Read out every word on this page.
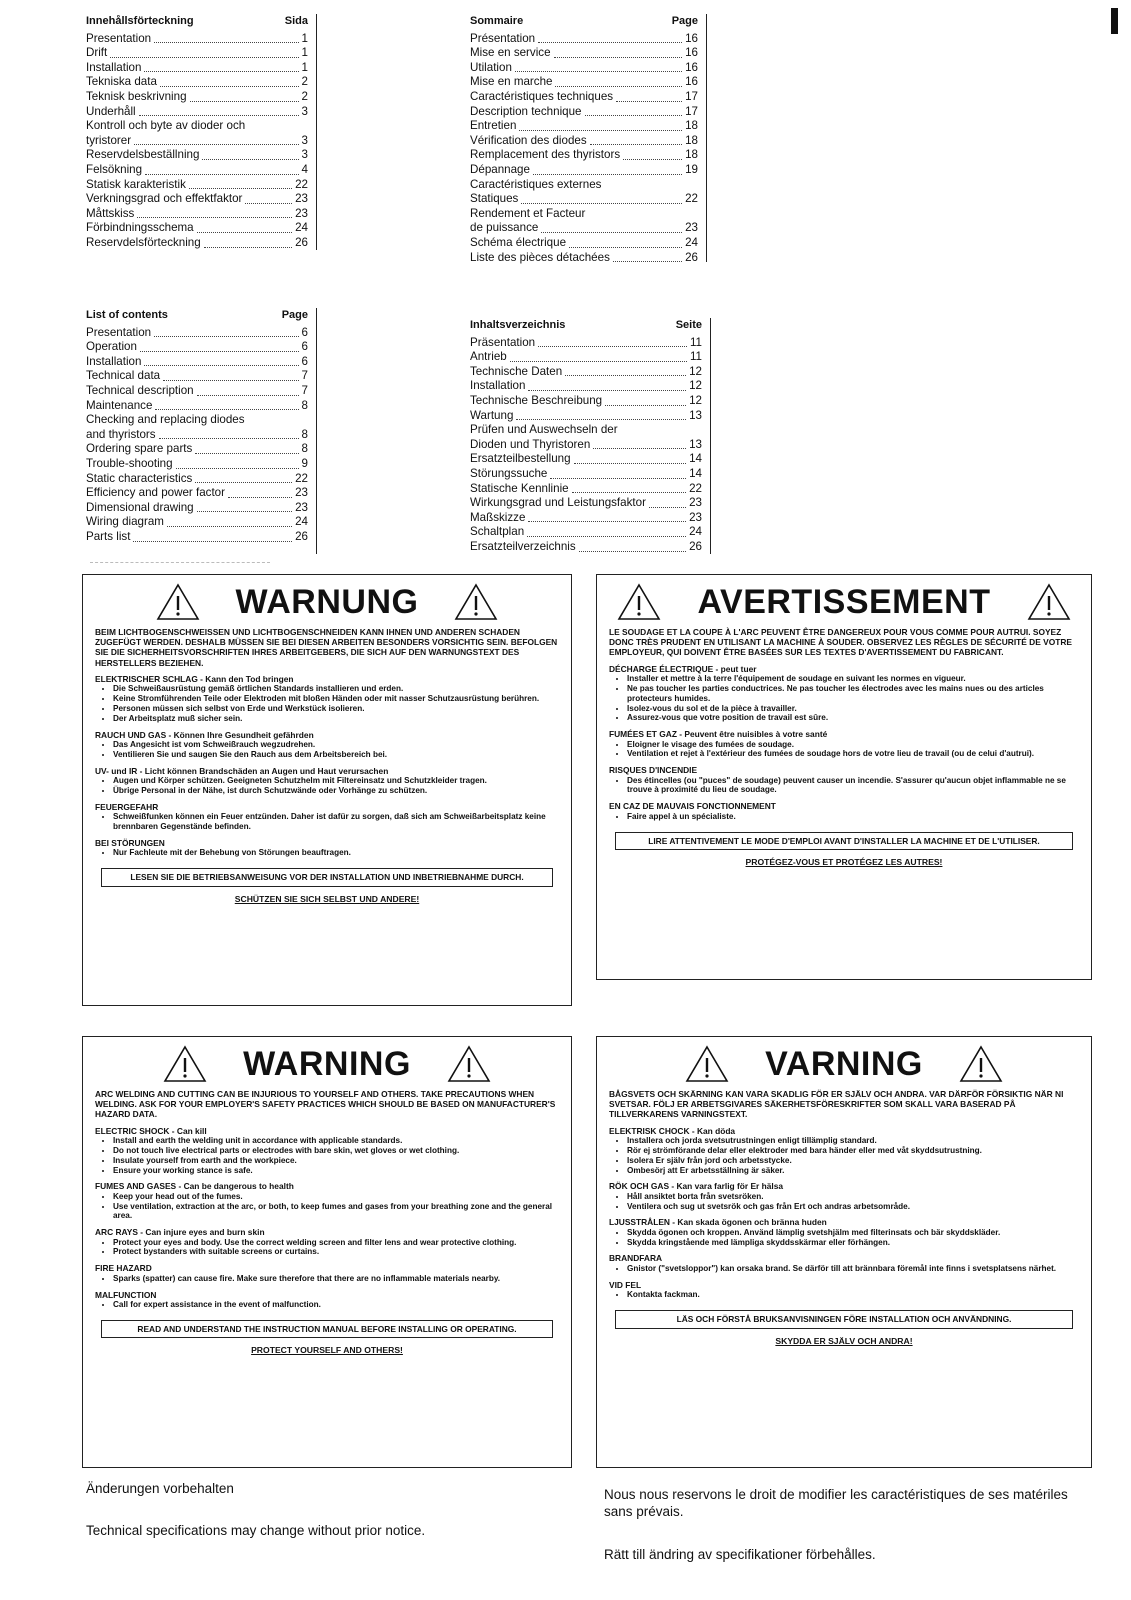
Innehållsförteckning	Sida
Presentation	1
Drift	1
Installation	1
Tekniska data	2
Teknisk beskrivning	2
Underhåll	3
Kontroll och byte av dioder och
tyristorer	3
Reservdelsbeställning	3
Felsökning	4
Statisk karakteristik	22
Verkningsgrad och effektfaktor	23
Måttskiss	23
Förbindningsschema	24
Reservdelsförteckning	26
Sommaire	Page
Présentation	16
Mise en service	16
Utilation	16
Mise en marche	16
Caractéristiques techniques	17
Description technique	17
Entretien	18
Vérification des diodes	18
Remplacement des thyristors	18
Dépannage	19
Caractéristiques externes
Statiques	22
Rendement et Facteur
de puissance	23
Schéma électrique	24
Liste des pièces détachées	26
List of contents	Page
Presentation	6
Operation	6
Installation	6
Technical data	7
Technical description	7
Maintenance	8
Checking and replacing diodes
and thyristors	8
Ordering spare parts	8
Trouble-shooting	9
Static characteristics	22
Efficiency and power factor	23
Dimensional drawing	23
Wiring diagram	24
Parts list	26
Inhaltsverzeichnis	Seite
Präsentation	11
Antrieb	11
Technische Daten	12
Installation	12
Technische Beschreibung	12
Wartung	13
Prüfen und Auswechseln der
Dioden und Thyristoren	13
Ersatzteilbestellung	14
Störungssuche	14
Statische Kennlinie	22
Wirkungsgrad und Leistungsfaktor	23
Maßskizze	23
Schaltplan	24
Ersatzteilverzeichnis	26
WARNUNG
BEIM LICHTBOGENSCHWEISSEN UND LICHTBOGENSCHNEIDEN KANN IHNEN UND ANDEREN SCHADEN ZUGEFÜGT WERDEN. DESHALB MÜSSEN SIE BEI DIESEN ARBEITEN BESONDERS VORSICHTIG SEIN. BEFOLGEN SIE DIE SICHERHEITSVORSCHRIFTEN IHRES ARBEITGEBERS, DIE SICH AUF DEN WARNUNGSTEXT DES HERSTELLERS BEZIEHEN.
ELEKTRISCHER SCHLAG - Kann den Tod bringen
• Die Schweißausrüstung gemäß örtlichen Standards installieren und erden.
• Keine Stromführenden Teile oder Elektroden mit bloßen Händen oder mit nasser Schutzausrüstung berühren.
• Personen müssen sich selbst von Erde und Werkstück isolieren.
• Der Arbeitsplatz muß sicher sein.
RAUCH UND GAS - Können Ihre Gesundheit gefährden
• Das Angesicht ist vom Schweißrauch wegzudrehen.
• Ventilieren Sie und saugen Sie den Rauch aus dem Arbeitsbereich bei.
UV- und IR - Licht können Brandschäden an Augen und Haut verursachen
• Augen und Körper schützen. Geeigneten Schutzhelm mit Filtereinsatz und Schutzkleider tragen.
• Übrige Personal in der Nähe, ist durch Schutzwände oder Vorhänge zu schützen.
FEUERGEFAHR
• Schweißfunken können ein Feuer entzünden. Daher ist dafür zu sorgen, daß sich am Schweißarbeitsplatz keine brennbaren Gegenstände befinden.
BEI STÖRUNGEN
• Nur Fachleute mit der Behebung von Störungen beauftragen.
LESEN SIE DIE BETRIEBSANWEISUNG VOR DER INSTALLATION UND INBETRIEBNAHME DURCH.
SCHÜTZEN SIE SICH SELBST UND ANDERE!
AVERTISSEMENT
LE SOUDAGE ET LA COUPE À L'ARC PEUVENT ÊTRE DANGEREUX POUR VOUS COMME POUR AUTRUI. SOYEZ DONC TRÈS PRUDENT EN UTILISANT LA MACHINE À SOUDER. OBSERVEZ LES RÈGLES DE SÉCURITÉ DE VOTRE EMPLOYEUR, QUI DOIVENT ÊTRE BASÉES SUR LES TEXTES D'AVERTISSEMENT DU FABRICANT.
DÉCHARGE ÉLECTRIQUE - peut tuer
• Installer et mettre à la terre l'équipement de soudage en suivant les normes en vigueur.
• Ne pas toucher les parties conductrices. Ne pas toucher les électrodes avec les mains nues ou des articles protecteurs humides.
• Isolez-vous du sol et de la pièce à travailler.
• Assurez-vous que votre position de travail est sûre.
FUMÉES ET GAZ - Peuvent être nuisibles à votre santé
• Eloigner le visage des fumées de soudage.
• Ventilation et rejet à l'extérieur des fumées de soudage hors de votre lieu de travail (ou de celui d'autrui).
RISQUES D'INCENDIE
• Des étincelles (ou "puces" de soudage) peuvent causer un incendie. S'assurer qu'aucun objet inflammable ne se trouve à proximité du lieu de soudage.
EN CAZ DE MAUVAIS FONCTIONNEMENT
• Faire appel à un spécialiste.
LIRE ATTENTIVEMENT LE MODE D'EMPLOI AVANT D'INSTALLER LA MACHINE ET DE L'UTILISER.
PROTÉGEZ-VOUS ET PROTÉGEZ LES AUTRES!
WARNING
ARC WELDING AND CUTTING CAN BE INJURIOUS TO YOURSELF AND OTHERS. TAKE PRECAUTIONS WHEN WELDING. ASK FOR YOUR EMPLOYER'S SAFETY PRACTICES WHICH SHOULD BE BASED ON MANUFACTURER'S HAZARD DATA.
ELECTRIC SHOCK - Can kill
• Install and earth the welding unit in accordance with applicable standards.
• Do not touch live electrical parts or electrodes with bare skin, wet gloves or wet clothing.
• Insulate yourself from earth and the workpiece.
• Ensure your working stance is safe.
FUMES AND GASES - Can be dangerous to health
• Keep your head out of the fumes.
• Use ventilation, extraction at the arc, or both, to keep fumes and gases from your breathing zone and the general area.
ARC RAYS - Can injure eyes and burn skin
• Protect your eyes and body. Use the correct welding screen and filter lens and wear protective clothing.
• Protect bystanders with suitable screens or curtains.
FIRE HAZARD
• Sparks (spatter) can cause fire. Make sure therefore that there are no inflammable materials nearby.
MALFUNCTION
• Call for expert assistance in the event of malfunction.
READ AND UNDERSTAND THE INSTRUCTION MANUAL BEFORE INSTALLING OR OPERATING.
PROTECT YOURSELF AND OTHERS!
VARNING
BÅGSVETS OCH SKÄRNING KAN VARA SKADLIG FÖR ER SJÄLV OCH ANDRA. VAR DÄRFÖR FÖRSIKTIG NÄR NI SVETSAR. FÖLJ ER ARBETSGIVARES SÄKERHETSFÖRESKRIFTER SOM SKALL VARA BASERAD PÅ TILLVERKARENS VARNINGSTEXT.
ELEKTRISK CHOCK - Kan döda
• Installera och jorda svetsutrustningen enligt tillämplig standard.
• Rör ej strömförande delar eller elektroder med bara händer eller med våt skyddsutrustning.
• Isolera Er själv från jord och arbetsstycke.
• Ombesörj att Er arbetsställning är säker.
RÖK OCH GAS - Kan vara farlig för Er hälsa
• Håll ansiktet borta från svetsröken.
• Ventilera och sug ut svetsrök och gas från Ert och andras arbetsområde.
LJUSSTRÅLEN - Kan skada ögonen och bränna huden
• Skydda ögonen och kroppen. Använd lämplig svetshjälm med filterinsats och bär skyddskläder.
• Skydda kringstående med lämpliga skyddsskärmar eller förhängen.
BRANDFARA
• Gnistor ("svetsloppor") kan orsaka brand. Se därför till att brännbara föremål inte finns i svetsplatsens närhet.
VID FEL
• Kontakta fackman.
LÄS OCH FÖRSTÅ BRUKSANVISNINGEN FÖRE INSTALLATION OCH ANVÄNDNING.
SKYDDA ER SJÄLV OCH ANDRA!
Änderungen vorbehalten
Technical specifications may change without prior notice.
Nous nous reservons le droit de modifier les caractéristiques de ses matériles sans prévais.
Rätt till ändring av specifikationer förbehålles.
